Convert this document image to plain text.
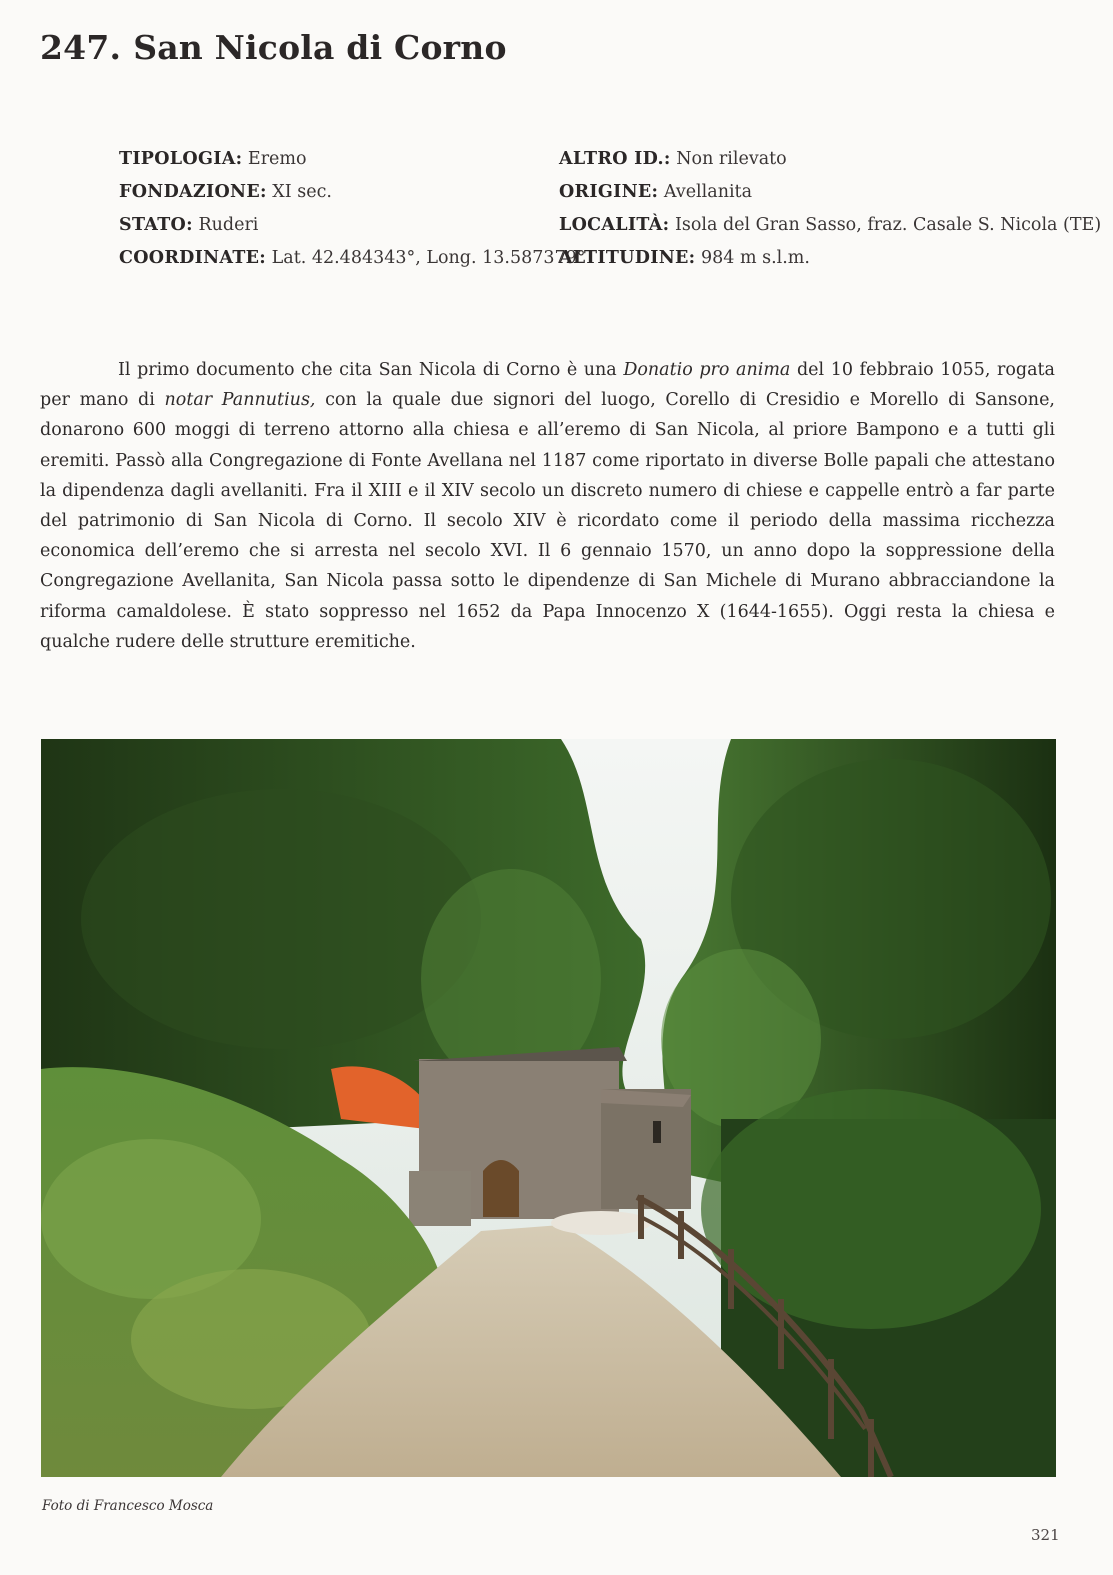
247. San Nicola di Corno
TIPOLOGIA: Eremo
FONDAZIONE: XI sec.
STATO: Ruderi
COORDINATE: Lat. 42.484343°, Long. 13.587379°
ALTRO ID.: Non rilevato
ORIGINE: Avellanita
LOCALITÀ: Isola del Gran Sasso, fraz. Casale S. Nicola (TE)
ALTITUDINE: 984 m s.l.m.

Il primo documento che cita San Nicola di Corno è una Donatio pro anima del 10 febbraio 1055, rogata per mano di notar Pannutius, con la quale due signori del luogo, Corello di Cresidio e Morello di Sansone, donarono 600 moggi di terreno attorno alla chiesa e all’eremo di San Nicola, al priore Bampono e a tutti gli eremiti. Passò alla Congregazione di Fonte Avellana nel 1187 come riportato in diverse Bolle papali che attestano la dipendenza dagli avellaniti. Fra il XIII e il XIV secolo un discreto numero di chiese e cappelle entrò a far parte del patrimonio di San Nicola di Corno. Il secolo XIV è ricordato come il periodo della massima ricchezza economica dell’eremo che si arresta nel secolo XVI. Il 6 gennaio 1570, un anno dopo la soppressione della Congregazione Avellanita, San Nicola passa sotto le dipendenze di San Michele di Murano abbracciandone la riforma camaldolese. È stato soppresso nel 1652 da Papa Innocenzo X (1644-1655). Oggi resta la chiesa e qualche rudere delle strutture eremitiche.

Foto di Francesco Mosca
321
